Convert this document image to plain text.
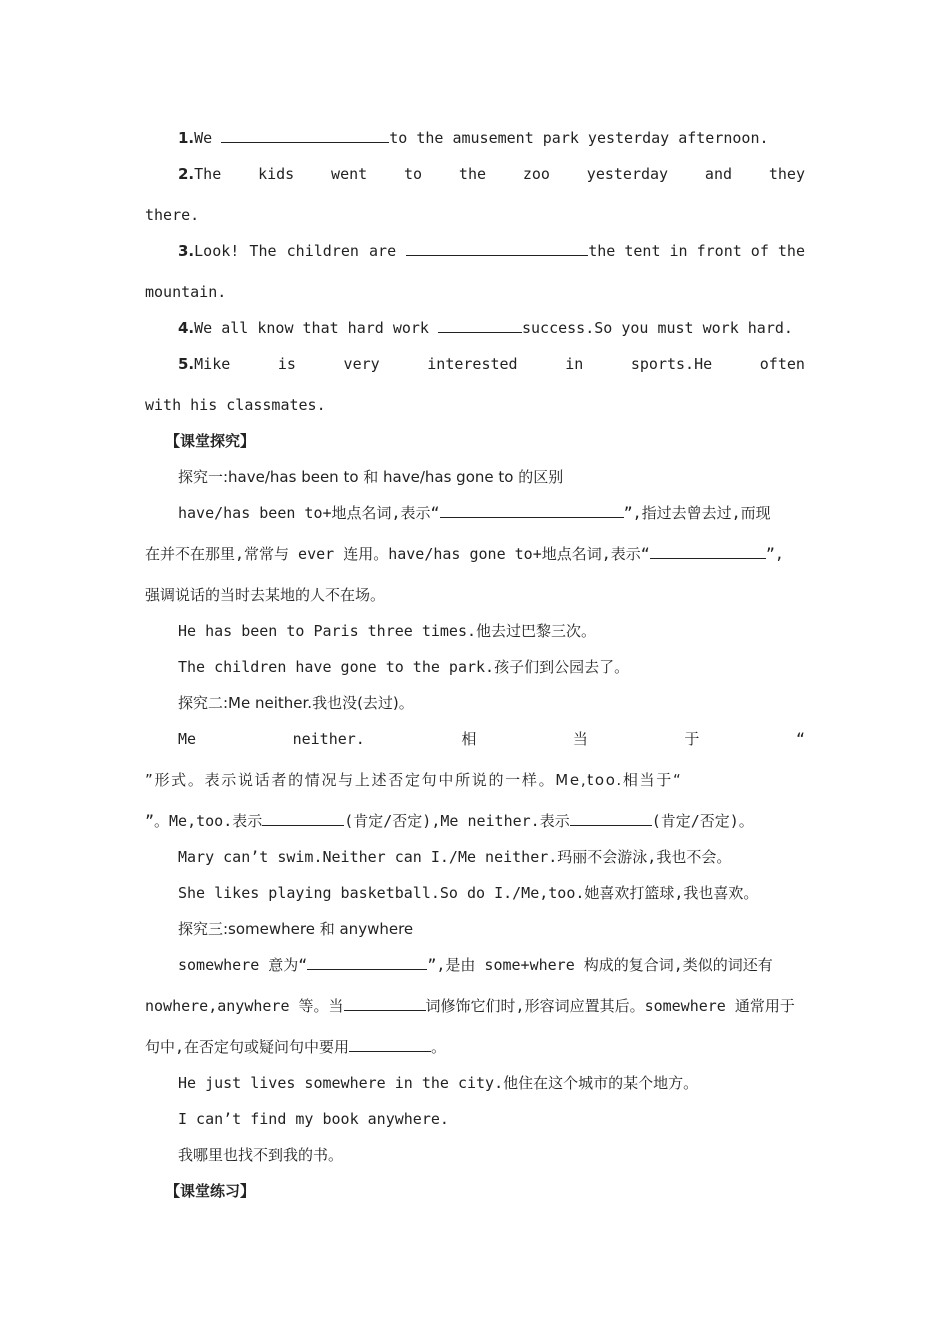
1.We	to the amusement park yesterday afternoon.
2.The kids went to the zoo yesterday and they
there.
3.Look! The children are	the tent in front of the
mountain.
4.We all know that hard work	success.So you must work hard.
5.Mike	is	very	interested	in	sports.He	often
with his classmates.
【课堂探究】
探究一:have/has been to 和 have/has gone to 的区别
have/has been to+地点名词,表示“	”,指过去曾去过,而现
在并不在那里,常常与 ever 连用。have/has gone to+地点名词,表示“	”,
强调说话的当时去某地的人不在场。
He has been to Paris three times.他去过巴黎三次。
The children have gone to the park.孩子们到公园去了。
探究二:Me neither.我也没(去过)。
Me	neither.	相	当	于	“
”形式。表示说话者的情况与上述否定句中所说的一样。Me,too.相当于“
”。Me,too.表示	(肯定/否定),Me neither.表示	(肯定/否定)。
Mary can’t swim.Neither can I./Me neither.玛丽不会游泳,我也不会。
She likes playing basketball.So do I./Me,too.她喜欢打篮球,我也喜欢。
探究三:somewhere 和 anywhere
somewhere 意为“	”,是由 some+where 构成的复合词,类似的词还有
nowhere,anywhere 等。当	词修饰它们时,形容词应置其后。somewhere 通常用于
句中,在否定句或疑问句中要用	。
He just lives somewhere in the city.他住在这个城市的某个地方。
I can’t find my book anywhere.
我哪里也找不到我的书。
【课堂练习】
